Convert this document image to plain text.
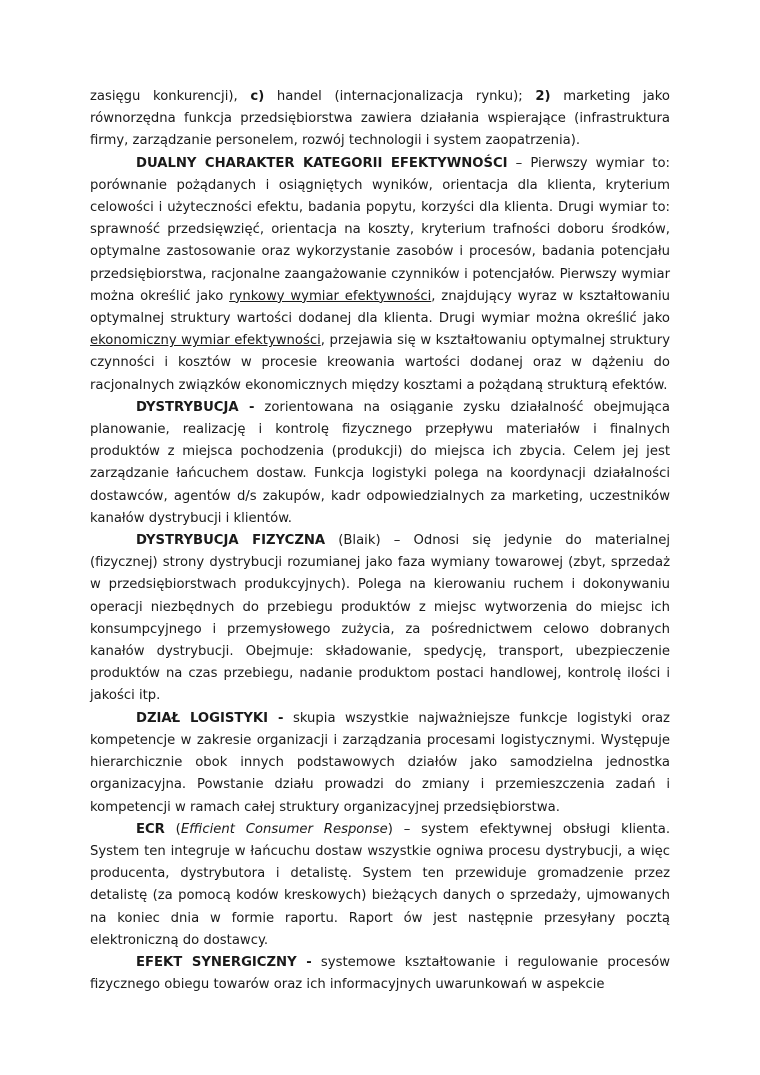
zasięgu konkurencji), c) handel (internacjonalizacja rynku); 2) marketing jako równorzędna funkcja przedsiębiorstwa zawiera działania wspierające (infrastruktura firmy, zarządzanie personelem, rozwój technologii i system zaopatrzenia).

DUALNY CHARAKTER KATEGORII EFEKTYWNOŚCI – Pierwszy wymiar to: porównanie pożądanych i osiągniętych wyników, orientacja dla klienta, kryterium celowości i użyteczności efektu, badania popytu, korzyści dla klienta. Drugi wymiar to: sprawność przedsięwzięć, orientacja na koszty, kryterium trafności doboru środków, optymalne zastosowanie oraz wykorzystanie zasobów i procesów, badania potencjału przedsiębiorstwa, racjonalne zaangażowanie czynników i potencjałów. Pierwszy wymiar można określić jako rynkowy wymiar efektywności, znajdujący wyraz w kształtowaniu optymalnej struktury wartości dodanej dla klienta. Drugi wymiar można określić jako ekonomiczny wymiar efektywności, przejawia się w kształtowaniu optymalnej struktury czynności i kosztów w procesie kreowania wartości dodanej oraz w dążeniu do racjonalnych związków ekonomicznych między kosztami a pożądaną strukturą efektów.

DYSTRYBUCJA - zorientowana na osiąganie zysku działalność obejmująca planowanie, realizację i kontrolę fizycznego przepływu materiałów i finalnych produktów z miejsca pochodzenia (produkcji) do miejsca ich zbycia. Celem jej jest zarządzanie łańcuchem dostaw. Funkcja logistyki polega na koordynacji działalności dostawców, agentów d/s zakupów, kadr odpowiedzialnych za marketing, uczestników kanałów dystrybucji i klientów.

DYSTRYBUCJA FIZYCZNA (Blaik) – Odnosi się jedynie do materialnej (fizycznej) strony dystrybucji rozumianej jako faza wymiany towarowej (zbyt, sprzedaż w przedsiębiorstwach produkcyjnych). Polega na kierowaniu ruchem i dokonywaniu operacji niezbędnych do przebiegu produktów z miejsc wytworzenia do miejsc ich konsumpcyjnego i przemysłowego zużycia, za pośrednictwem celowo dobranych kanałów dystrybucji. Obejmuje: składowanie, spedycję, transport, ubezpieczenie produktów na czas przebiegu, nadanie produktom postaci handlowej, kontrolę ilości i jakości itp.

DZIAŁ LOGISTYKI - skupia wszystkie najważniejsze funkcje logistyki oraz kompetencje w zakresie organizacji i zarządzania procesami logistycznymi. Występuje hierarchicznie obok innych podstawowych działów jako samodzielna jednostka organizacyjna. Powstanie działu prowadzi do zmiany i przemieszczenia zadań i kompetencji w ramach całej struktury organizacyjnej przedsiębiorstwa.

ECR (Efficient Consumer Response) – system efektywnej obsługi klienta. System ten integruje w łańcuchu dostaw wszystkie ogniwa procesu dystrybucji, a więc producenta, dystrybutora i detalistę. System ten przewiduje gromadzenie przez detalistę (za pomocą kodów kreskowych) bieżących danych o sprzedaży, ujmowanych na koniec dnia w formie raportu. Raport ów jest następnie przesyłany pocztą elektroniczną do dostawcy.

EFEKT SYNERGICZNY - systemowe kształtowanie i regulowanie procesów fizycznego obiegu towarów oraz ich informacyjnych uwarunkowań w aspekcie
